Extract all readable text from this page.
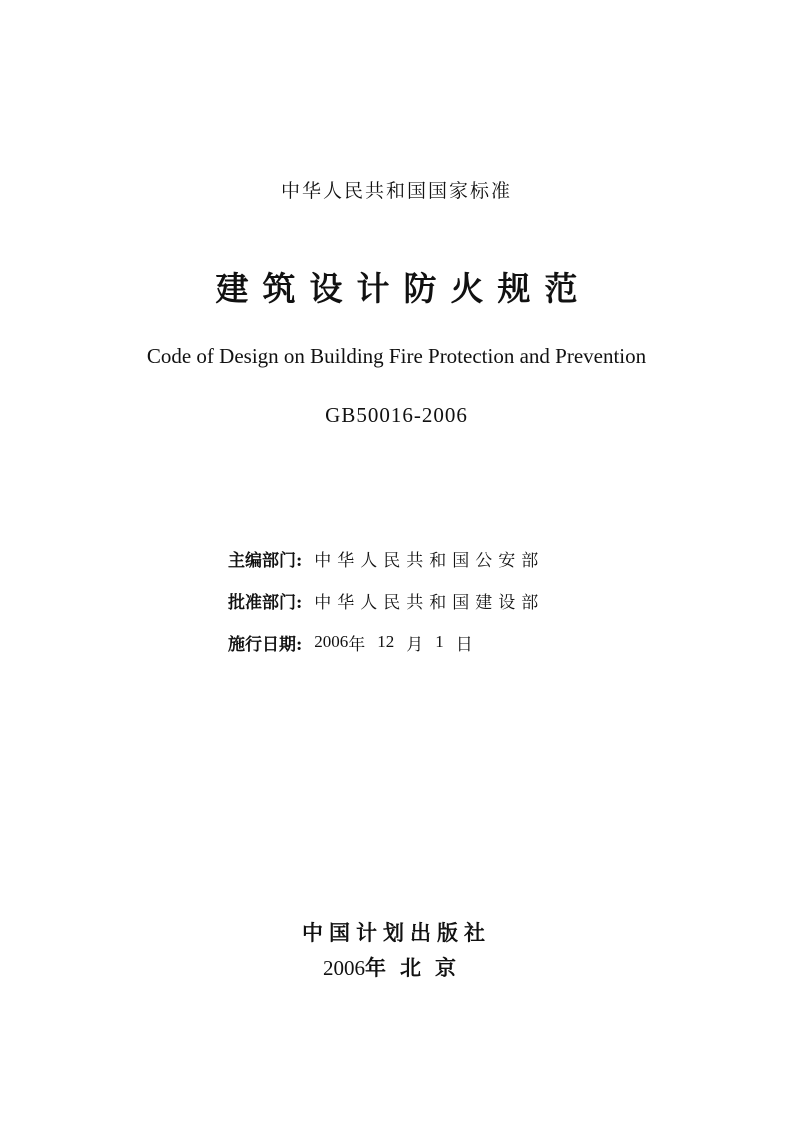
中华人民共和国国家标准
建筑设计防火规范
Code of Design on Building Fire Protection and Prevention
GB50016-2006
主编部门: 中华人民共和国公安部
批准部门: 中华人民共和国建设部
施行日期: 2006 年 12 月 1 日
中国计划出版社
2006年 北京
